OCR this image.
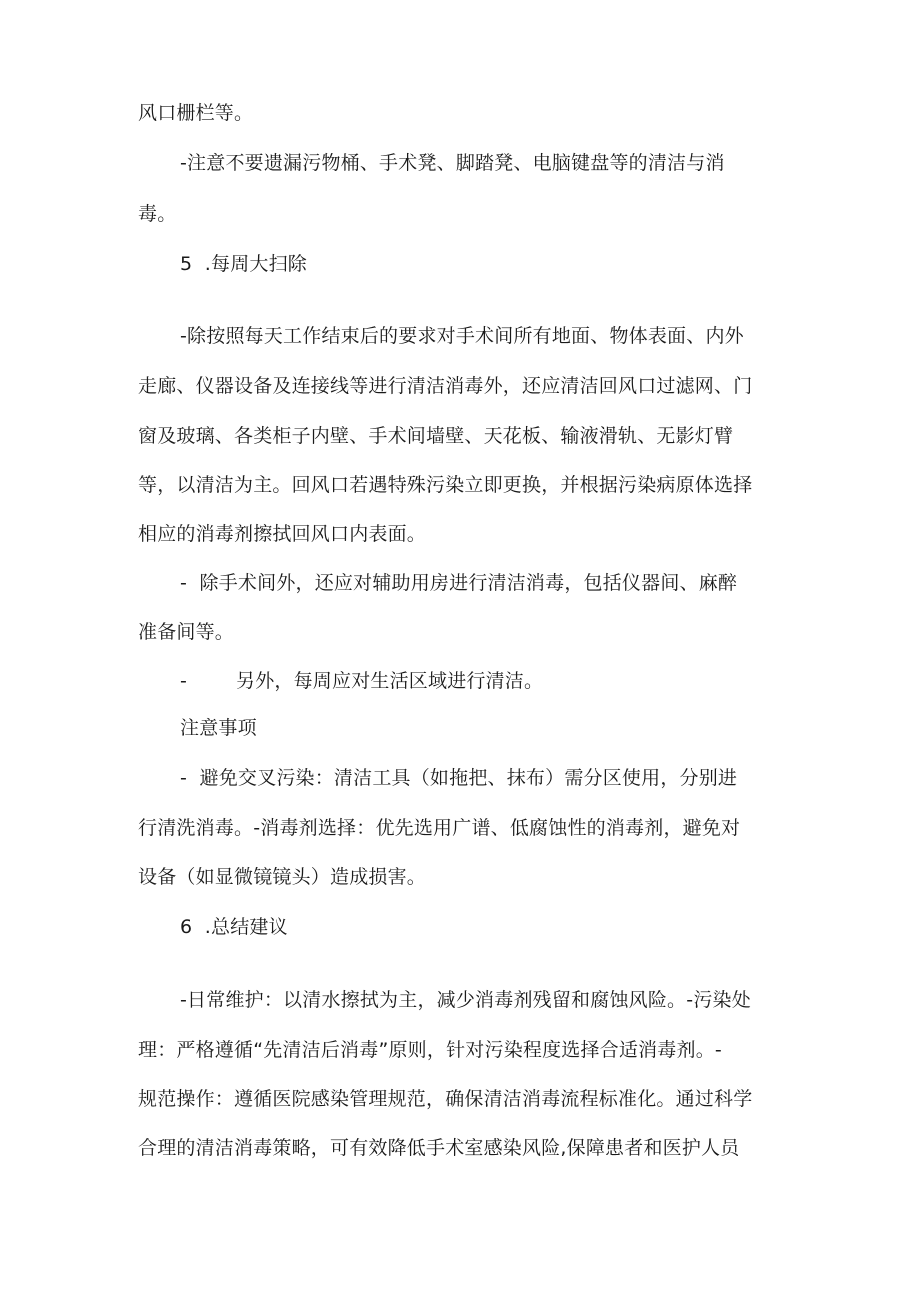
风口栅栏等。
-注意不要遗漏污物桶、手术凳、脚踏凳、电脑键盘等的清洁与消
毒。
5  .每周大扫除
-除按照每天工作结束后的要求对手术间所有地面、物体表面、内外
走廊、仪器设备及连接线等进行清洁消毒外，还应清洁回风口过滤网、门
窗及玻璃、各类柜子内壁、手术间墙壁、天花板、输液滑轨、无影灯臂
等，以清洁为主。回风口若遇特殊污染立即更换，并根据污染病原体选择
相应的消毒剂擦拭回风口内表面。
-  除手术间外，还应对辅助用房进行清洁消毒，包括仪器间、麻醉
准备间等。
-	另外，每周应对生活区域进行清洁。
注意事项
-  避免交叉污染：清洁工具（如拖把、抹布）需分区使用，分别进
行清洗消毒。-消毒剂选择：优先选用广谱、低腐蚀性的消毒剂，避免对
设备（如显微镜镜头）造成损害。
6  .总结建议
-日常维护：以清水擦拭为主，减少消毒剂残留和腐蚀风险。-污染处
理：严格遵循“先清洁后消毒”原则，针对污染程度选择合适消毒剂。-
规范操作：遵循医院感染管理规范，确保清洁消毒流程标准化。通过科学
合理的清洁消毒策略，可有效降低手术室感染风险,保障患者和医护人员
